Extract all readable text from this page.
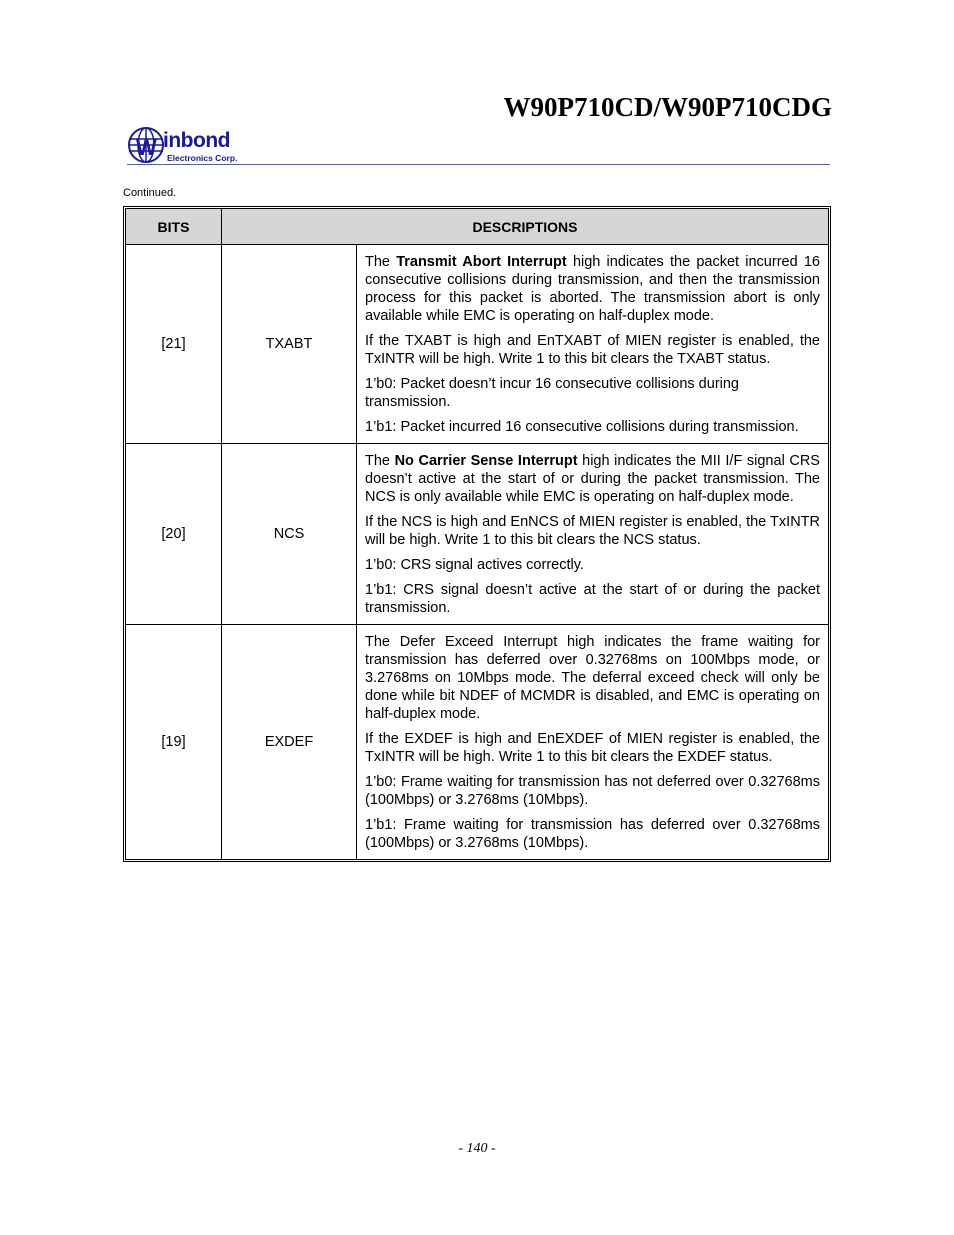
W90P710CD/W90P710CDG
W inbond
Electronics Corp.
Continued.
BITS	DESCRIPTIONS	
[21]	TXABT	The Transmit Abort Interrupt high indicates the packet incurred 16 consecutive collisions during transmission, and then the transmission process for this packet is aborted. The transmission abort is only available while EMC is operating on half-duplex mode.

If the TXABT is high and EnTXABT of MIEN register is enabled, the TxINTR will be high. Write 1 to this bit clears the TXABT status.

1’b0: Packet doesn’t incur 16 consecutive collisions during transmission.

1’b1: Packet incurred 16 consecutive collisions during transmission.

[20]	NCS	The No Carrier Sense Interrupt high indicates the MII I/F signal CRS doesn’t active at the start of or during the packet transmission. The NCS is only available while EMC is operating on half-duplex mode.

If the NCS is high and EnNCS of MIEN register is enabled, the TxINTR will be high. Write 1 to this bit clears the NCS status.

1’b0: CRS signal actives correctly.

1’b1: CRS signal doesn’t active at the start of or during the packet transmission.

[19]	EXDEF	The Defer Exceed Interrupt high indicates the frame waiting for transmission has deferred over 0.32768ms on 100Mbps mode, or 3.2768ms on 10Mbps mode. The deferral exceed check will only be done while bit NDEF of MCMDR is disabled, and EMC is operating on half-duplex mode.

If the EXDEF is high and EnEXDEF of MIEN register is enabled, the TxINTR will be high. Write 1 to this bit clears the EXDEF status.

1’b0: Frame waiting for transmission has not deferred over 0.32768ms (100Mbps) or 3.2768ms (10Mbps).

1’b1: Frame waiting for transmission has deferred over 0.32768ms (100Mbps) or 3.2768ms (10Mbps).

- 140 -
